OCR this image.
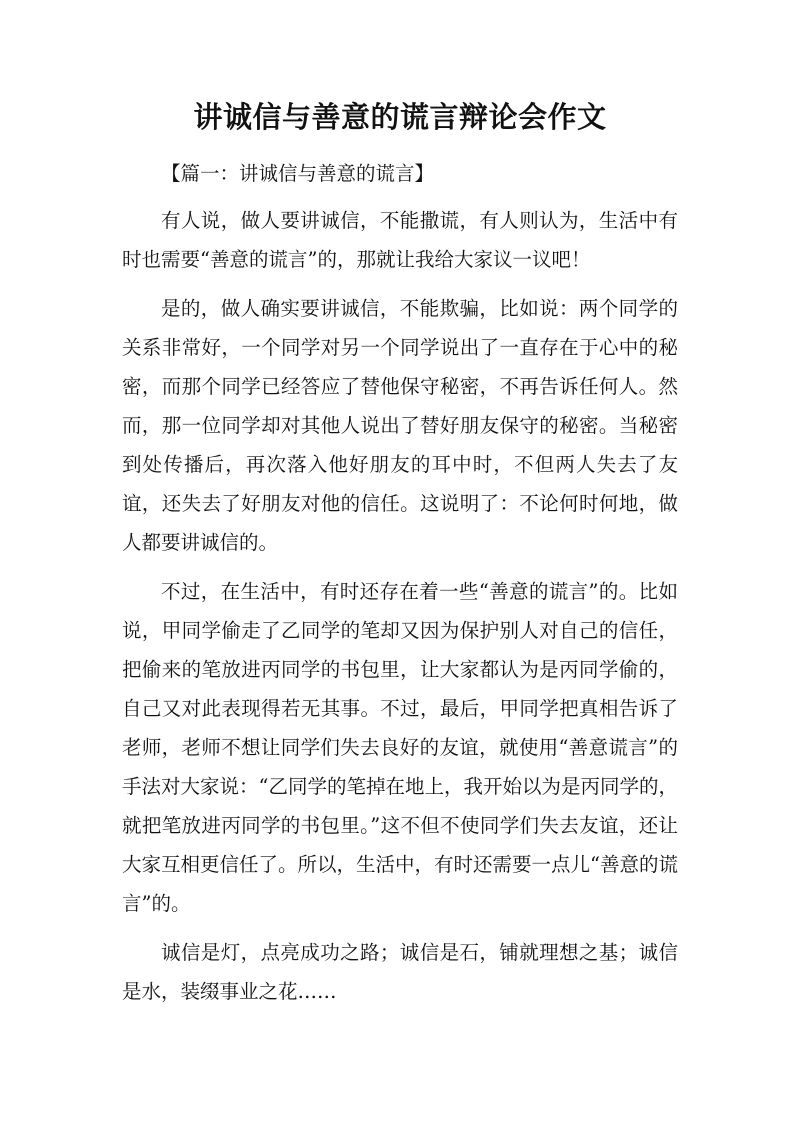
讲诚信与善意的谎言辩论会作文

【篇一：讲诚信与善意的谎言】

有人说，做人要讲诚信，不能撒谎，有人则认为，生活中有时也需要“善意的谎言”的，那就让我给大家议一议吧！

是的，做人确实要讲诚信，不能欺骗，比如说：两个同学的关系非常好，一个同学对另一个同学说出了一直存在于心中的秘密，而那个同学已经答应了替他保守秘密，不再告诉任何人。然而，那一位同学却对其他人说出了替好朋友保守的秘密。当秘密到处传播后，再次落入他好朋友的耳中时，不但两人失去了友谊，还失去了好朋友对他的信任。这说明了：不论何时何地，做人都要讲诚信的。

不过，在生活中，有时还存在着一些“善意的谎言”的。比如说，甲同学偷走了乙同学的笔却又因为保护别人对自己的信任，把偷来的笔放进丙同学的书包里，让大家都认为是丙同学偷的，自己又对此表现得若无其事。不过，最后，甲同学把真相告诉了老师，老师不想让同学们失去良好的友谊，就使用“善意谎言”的手法对大家说：“乙同学的笔掉在地上，我开始以为是丙同学的，就把笔放进丙同学的书包里。”这不但不使同学们失去友谊，还让大家互相更信任了。所以，生活中，有时还需要一点儿“善意的谎言”的。

诚信是灯，点亮成功之路；诚信是石，铺就理想之基；诚信是水，装缀事业之花……
